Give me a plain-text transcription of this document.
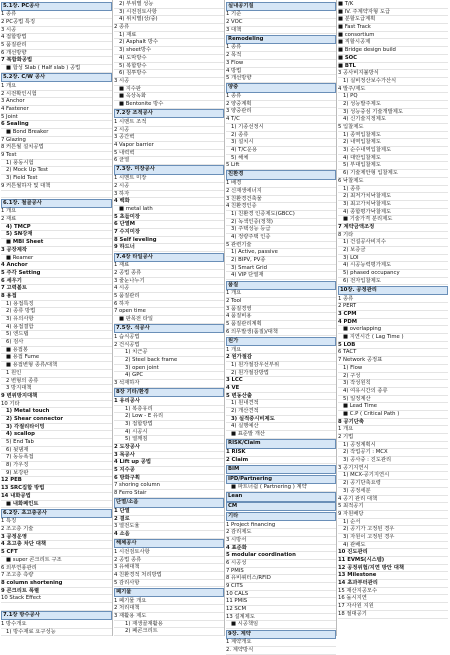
5.1장. PC공사
1 종류
2 PC공법 특징
3 시공
4 접합방법
5 품질관리
6 개선방향
7 복합화공법
■ 합성 Slab ( Half slab ) 공법
5.2장. C/W 공사
1 개요
2 시전확인시험
3 Anchor
4 Fastener
5 Joint
6 Sealing
■ Bond Breaker
7 Glazing
8 커튼월 설치공법
9 Test
1) 풍동시험
2) Mock Up Test
3) Field Test
9 커튼월하자 및 대책
6.1장. 철골공사
1 개요
2 재료
4) TMCP
5) SN강재
■ MBI Sheet
3 공장제작
■ Reamer
4 Anchor
5 주각 Setting
6 세우기
7 고력볼트
8 용접
1) 용접특징
2) 종류 방법
3) 유의사항
4) 용접결함
5) 엔드탭
6) 검사
■ 용접봉
■ 용접 Fume
■ 용접변형 종류/대책
1 원인
2 변형의 종류
3 방지대책
9 변위방지대책
10 기타
1) Metal touch
2) Shear connector
3) 각절리타이밍
4) scallop
5) End Tab
6) 뒷댐재
7) 동등폭접
8) 가우징
9) 보강판
12 PEB
13 SRC집합 방법
14 내화공법
■ 내화페인트
6.2장. 초고층공사
1 특징
2 조고층 기술
3 공정운영
4 초고층 차단 대책
5 CFT
■ super 콘크리트 구조
6 외부연풍관리
7 조고층 측량
8 column shortening
9 콘크리트 폭렬
10 Stack Effect
7.1장 방수공사
1 방수개요
1) 방수재료 요구성능
2) 부위별 성능
3) 시전검토사항
4) 위치별(상/중)
2 종류
1) 재료
2) Asphalt 방수
3) sheet방수
4) 도막방수
5) 복합방수
6) 침투방수
3 시공
■ 지수판
■ 옥상녹화
■ Bentonite 방수
7.2장 조적공사
1 시멘트 조적
2 시공
3 공간벽
4 Vapor barrier
5 내력벽
6 균열
7.3장. 미장공사
1 시멘트 미장
2 시공
3 하자
4 백화
■ metal lath
5 초들미장
6 단열M
7 수지미장
8 Self leveling
9 하드너
7.4장 타일공사
1 재료
2 공법 종류
3 줄눈나누기
4 시공
5 품질관리
6 하자
7 open time
■ 판목전 타일
7.5장. 석공사
1 습식공법
2 건식공법
1) 치근공
2) Steel back frame
3) open joint
4) GPC
3 석재하자
8장 기타/환경
1 유리공사
1) 복층유리
2) Low - E 유리
3) 접합방법
4) 시공시
5) 열깨짐
2 도장공사
3 목공사
4 Lift up 공법
5 지수공
6 방화구획
7 shoring column
8 Ferro Stair
단열/소음
1 단열
2 결로
3 열전도율
4 소음
해체공사
1 시전검토사항
2 공법 종류
3 유해대책
4 친환경적 처리방법
5 감리사항
폐기물
1 폐기물 개요
2 처리대책
3 재활용 제도
1) 재생골재활용
2) 폐콘크리트
실내공기질
1 기준
2 VOC
3 대책
Remodeling
1 종류
2 목적
3 Flow
4 방법
5 개선방향
양중
1 종류
2 양중계획
3 양중관리
4 T/C
1) 기종선정시
2) 종류
3) 설치시
4) T/C운용
5) 해체
5 Lift
친환경
1 배경
2 신재생에너지
3 친환경건축물
4 친환경인증
1) 친환경 인증제도(GBCC)
2) 녹색인증(정책)
3) 주택성능 등급
4) 정량주택 인증
5 관련기술
1) Active, passive
2) BIPV, PV종
3) Smart Grid
4) VIP 단열재
품질
1 개요
2 Tool
3 품질경영
4 품질비용
5 품질관리계획
6 의무발생(품질)/대책
원가
1 개요
2 원가절감
1) 원가절감우선부위
2) 원가절감방법
3 LCC
4 VE
5 변동산출
1) 원내견적
2) 개산견적
3) 실적중시비제도
4) 실행예산
■ 표준발 개산
RISK/Claim
1 RISK
2 Claim
BIM
IPD/Partnering
■ 파트너쉽 ( Partnering ) 계약
Lean
CM
기타
1 Project financing
2 감리제도
3 시방서
4 표준화
5 modular coordination
6 시공성
7 PMIS
8 유비쿼터스/RFID
9 CITS
10 CALS
11 PMIS
12 SCM
13 설계제도
■ 시공책임
9장. 계약
1 계약개요
2. 계약방식
■ T/K
■ IV. 주계약자형 도급
■ 분할도급계획
■ Fast Track
■ consortium
■ 직할시공제
■ Bridge design build
■ SOC
■ BTL
3 공사비지불방식
1) 실비정산보수가산식
4 발주/제도
1) PQ
2) 성능발주제도
3) 성능중심 기술개발제도
4) 신기술지정제도
5 입찰제도
1) 종역입찰제도
2) 내역입찰제도
3) 순수내역입찰제도
4) 대안입찰제도
5) 부대입찰제도
6) 기술제안형 입찰제도
6 낙찰제도
1) 종류
2) 최저가치낙찰제도
3) 최고가치낙찰제도
4) 종합평가낙찰제도
■ 기술가격 분리제도
7 계약금액조정
8 기타
1) 건설공사비지수
2) 보증금
3) LOI
4) 시공능력평가제도
5) phased occupancy
6) 전자입찰제도
10장. 공정관리
1 종류
2 PERT
3 CPM
4 PDM
■ overlapping
■ 지연시간 ( Lag Time )
5 LOB
6 TACT
7 Network 공정표
1) Flow
2) 구성
3) 작성원칙
4) 여유시간의 종류
5) 일정계산
■ Lead Time
■ C.P ( Critical Path )
8 공기단축
1 개요
2 기법
1) 공정계획시
2) 작업공기 : MCX
3) 공사중 : 진도관리
3 공기지연시
1) MCX-공기지연시
2) 공기단축요령
3) 공정세분
4 공기 관리 대책
5 최적공기
9 자원배당
1) 순서
2) 공기가 고정된 경우
3) 자원이 고정된 경우
4) 관배도
10 진도관리
11 EVMS(시스템)
12 공정위험/지연 방안 대책
13 Milestone
14 초과부터관리
15 재산지공모수
16 돌시지연
17 자사원 지원
18 절대공기
